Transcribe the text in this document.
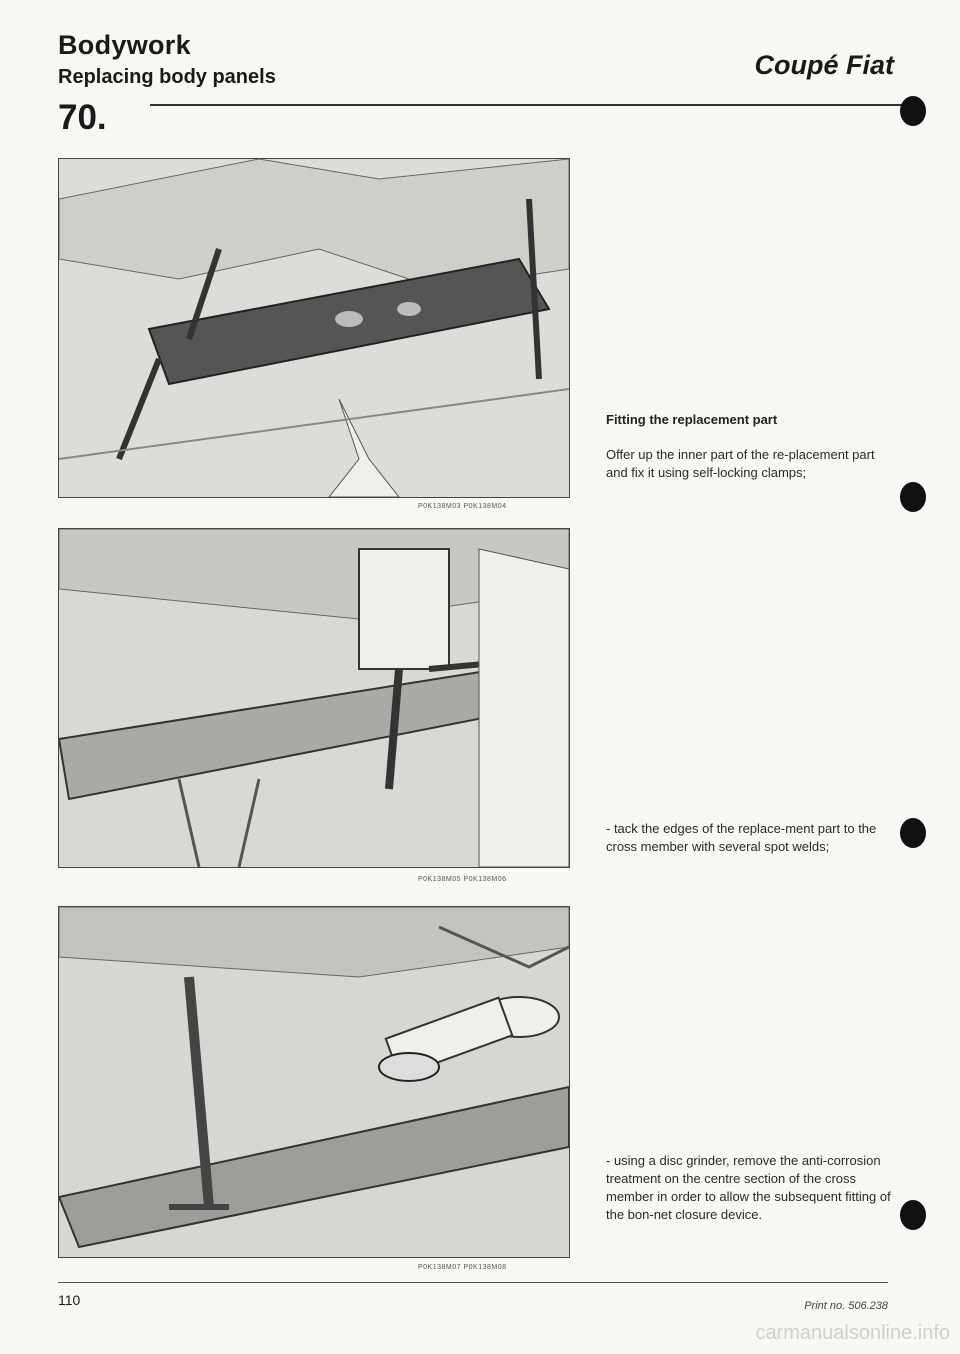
Bodywork
Replacing body panels	Coupé Fiat
70.
P0K138M03 P0K138M04
P0K138M05 P0K138M06
P0K138M07 P0K138M08
Fitting the replacement part
Offer up the inner part of the re-placement part and fix it using self-locking clamps;
- tack the edges of the replace-ment part to the cross member with several spot welds;
- using a disc grinder, remove the anti-corrosion treatment on the centre section of the cross member in order to allow the subsequent fitting of the bon-net closure device.
110	Print no. 506.238
carmanualsonline.info
